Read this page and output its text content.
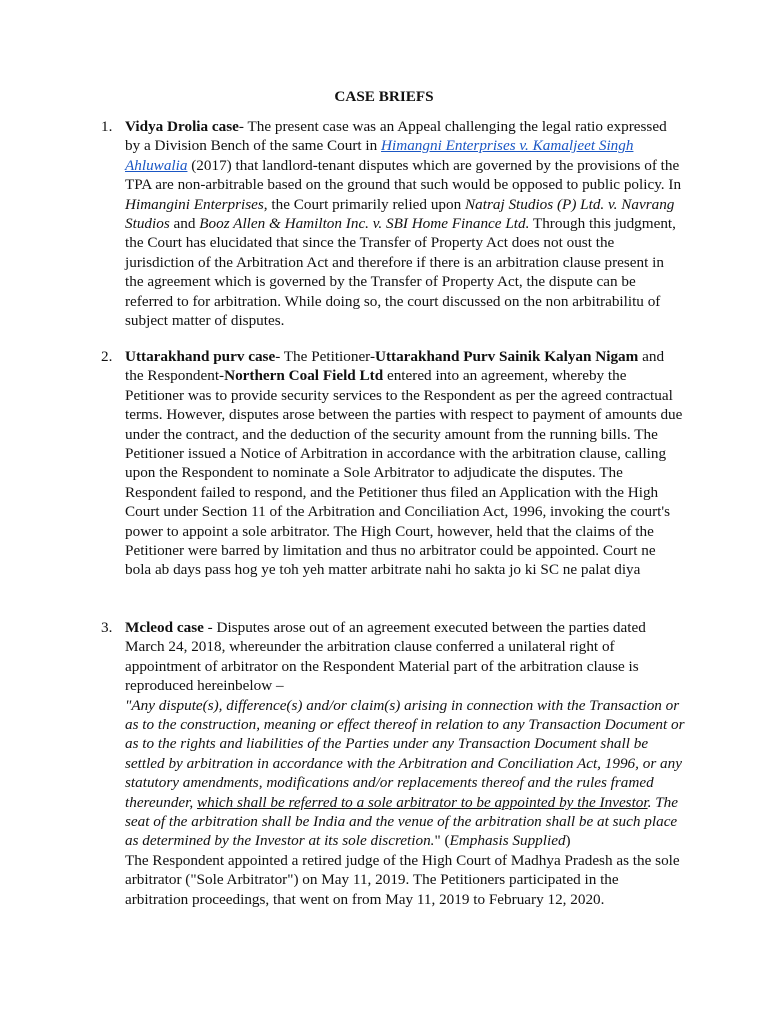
CASE BRIEFS
1. Vidya Drolia case- The present case was an Appeal challenging the legal ratio expressed by a Division Bench of the same Court in Himangni Enterprises v. Kamaljeet Singh Ahluwalia (2017) that landlord-tenant disputes which are governed by the provisions of the TPA are non-arbitrable based on the ground that such would be opposed to public policy. In Himangini Enterprises, the Court primarily relied upon Natraj Studios (P) Ltd. v. Navrang Studios and Booz Allen & Hamilton Inc. v. SBI Home Finance Ltd. Through this judgment, the Court has elucidated that since the Transfer of Property Act does not oust the jurisdiction of the Arbitration Act and therefore if there is an arbitration clause present in the agreement which is governed by the Transfer of Property Act, the dispute can be referred to for arbitration. While doing so, the court discussed on the non arbitrabilitu of subject matter of disputes.

2. Uttarakhand purv case- The Petitioner-Uttarakhand Purv Sainik Kalyan Nigam and the Respondent-Northern Coal Field Ltd entered into an agreement, whereby the Petitioner was to provide security services to the Respondent as per the agreed contractual terms. However, disputes arose between the parties with respect to payment of amounts due under the contract, and the deduction of the security amount from the running bills. The Petitioner issued a Notice of Arbitration in accordance with the arbitration clause, calling upon the Respondent to nominate a Sole Arbitrator to adjudicate the disputes. The Respondent failed to respond, and the Petitioner thus filed an Application with the High Court under Section 11 of the Arbitration and Conciliation Act, 1996, invoking the court's power to appoint a sole arbitrator. The High Court, however, held that the claims of the Petitioner were barred by limitation and thus no arbitrator could be appointed. Court ne bola ab days pass hog ye toh yeh matter arbitrate nahi ho sakta jo ki SC ne palat diya

3. Mcleod case - Disputes arose out of an agreement executed between the parties dated March 24, 2018, whereunder the arbitration clause conferred a unilateral right of appointment of arbitrator on the Respondent Material part of the arbitration clause is reproduced hereinbelow –

"Any dispute(s), difference(s) and/or claim(s) arising in connection with the Transaction or as to the construction, meaning or effect thereof in relation to any Transaction Document or as to the rights and liabilities of the Parties under any Transaction Document shall be settled by arbitration in accordance with the Arbitration and Conciliation Act, 1996, or any statutory amendments, modifications and/or replacements thereof and the rules framed thereunder, which shall be referred to a sole arbitrator to be appointed by the Investor. The seat of the arbitration shall be India and the venue of the arbitration shall be at such place as determined by the Investor at its sole discretion." (Emphasis Supplied)

The Respondent appointed a retired judge of the High Court of Madhya Pradesh as the sole arbitrator ("Sole Arbitrator") on May 11, 2019. The Petitioners participated in the arbitration proceedings, that went on from May 11, 2019 to February 12, 2020.
